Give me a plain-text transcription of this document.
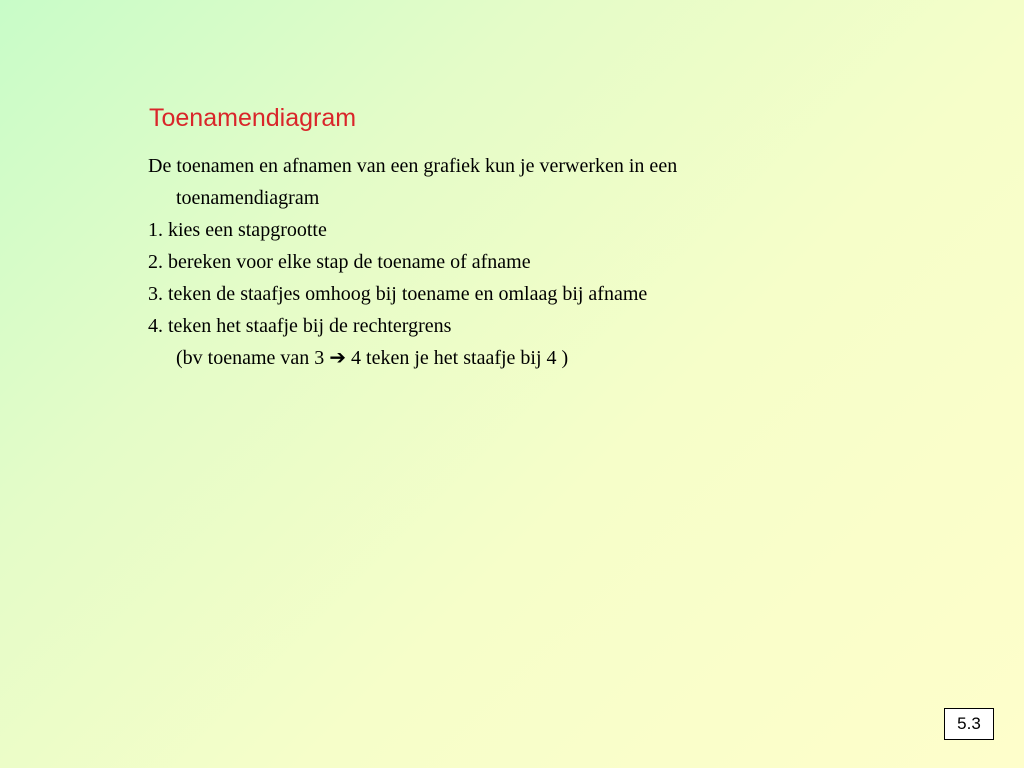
Toenamendiagram
De toenamen en afnamen van een grafiek kun je verwerken in een
toenamendiagram
1. kies een stapgrootte
2. bereken voor elke stap de toename of afname
3. teken de staafjes omhoog bij toename en omlaag bij afname
4. teken het staafje bij de rechtergrens
(bv toename van 3 ➔ 4 teken je het staafje bij 4 )
5.3
